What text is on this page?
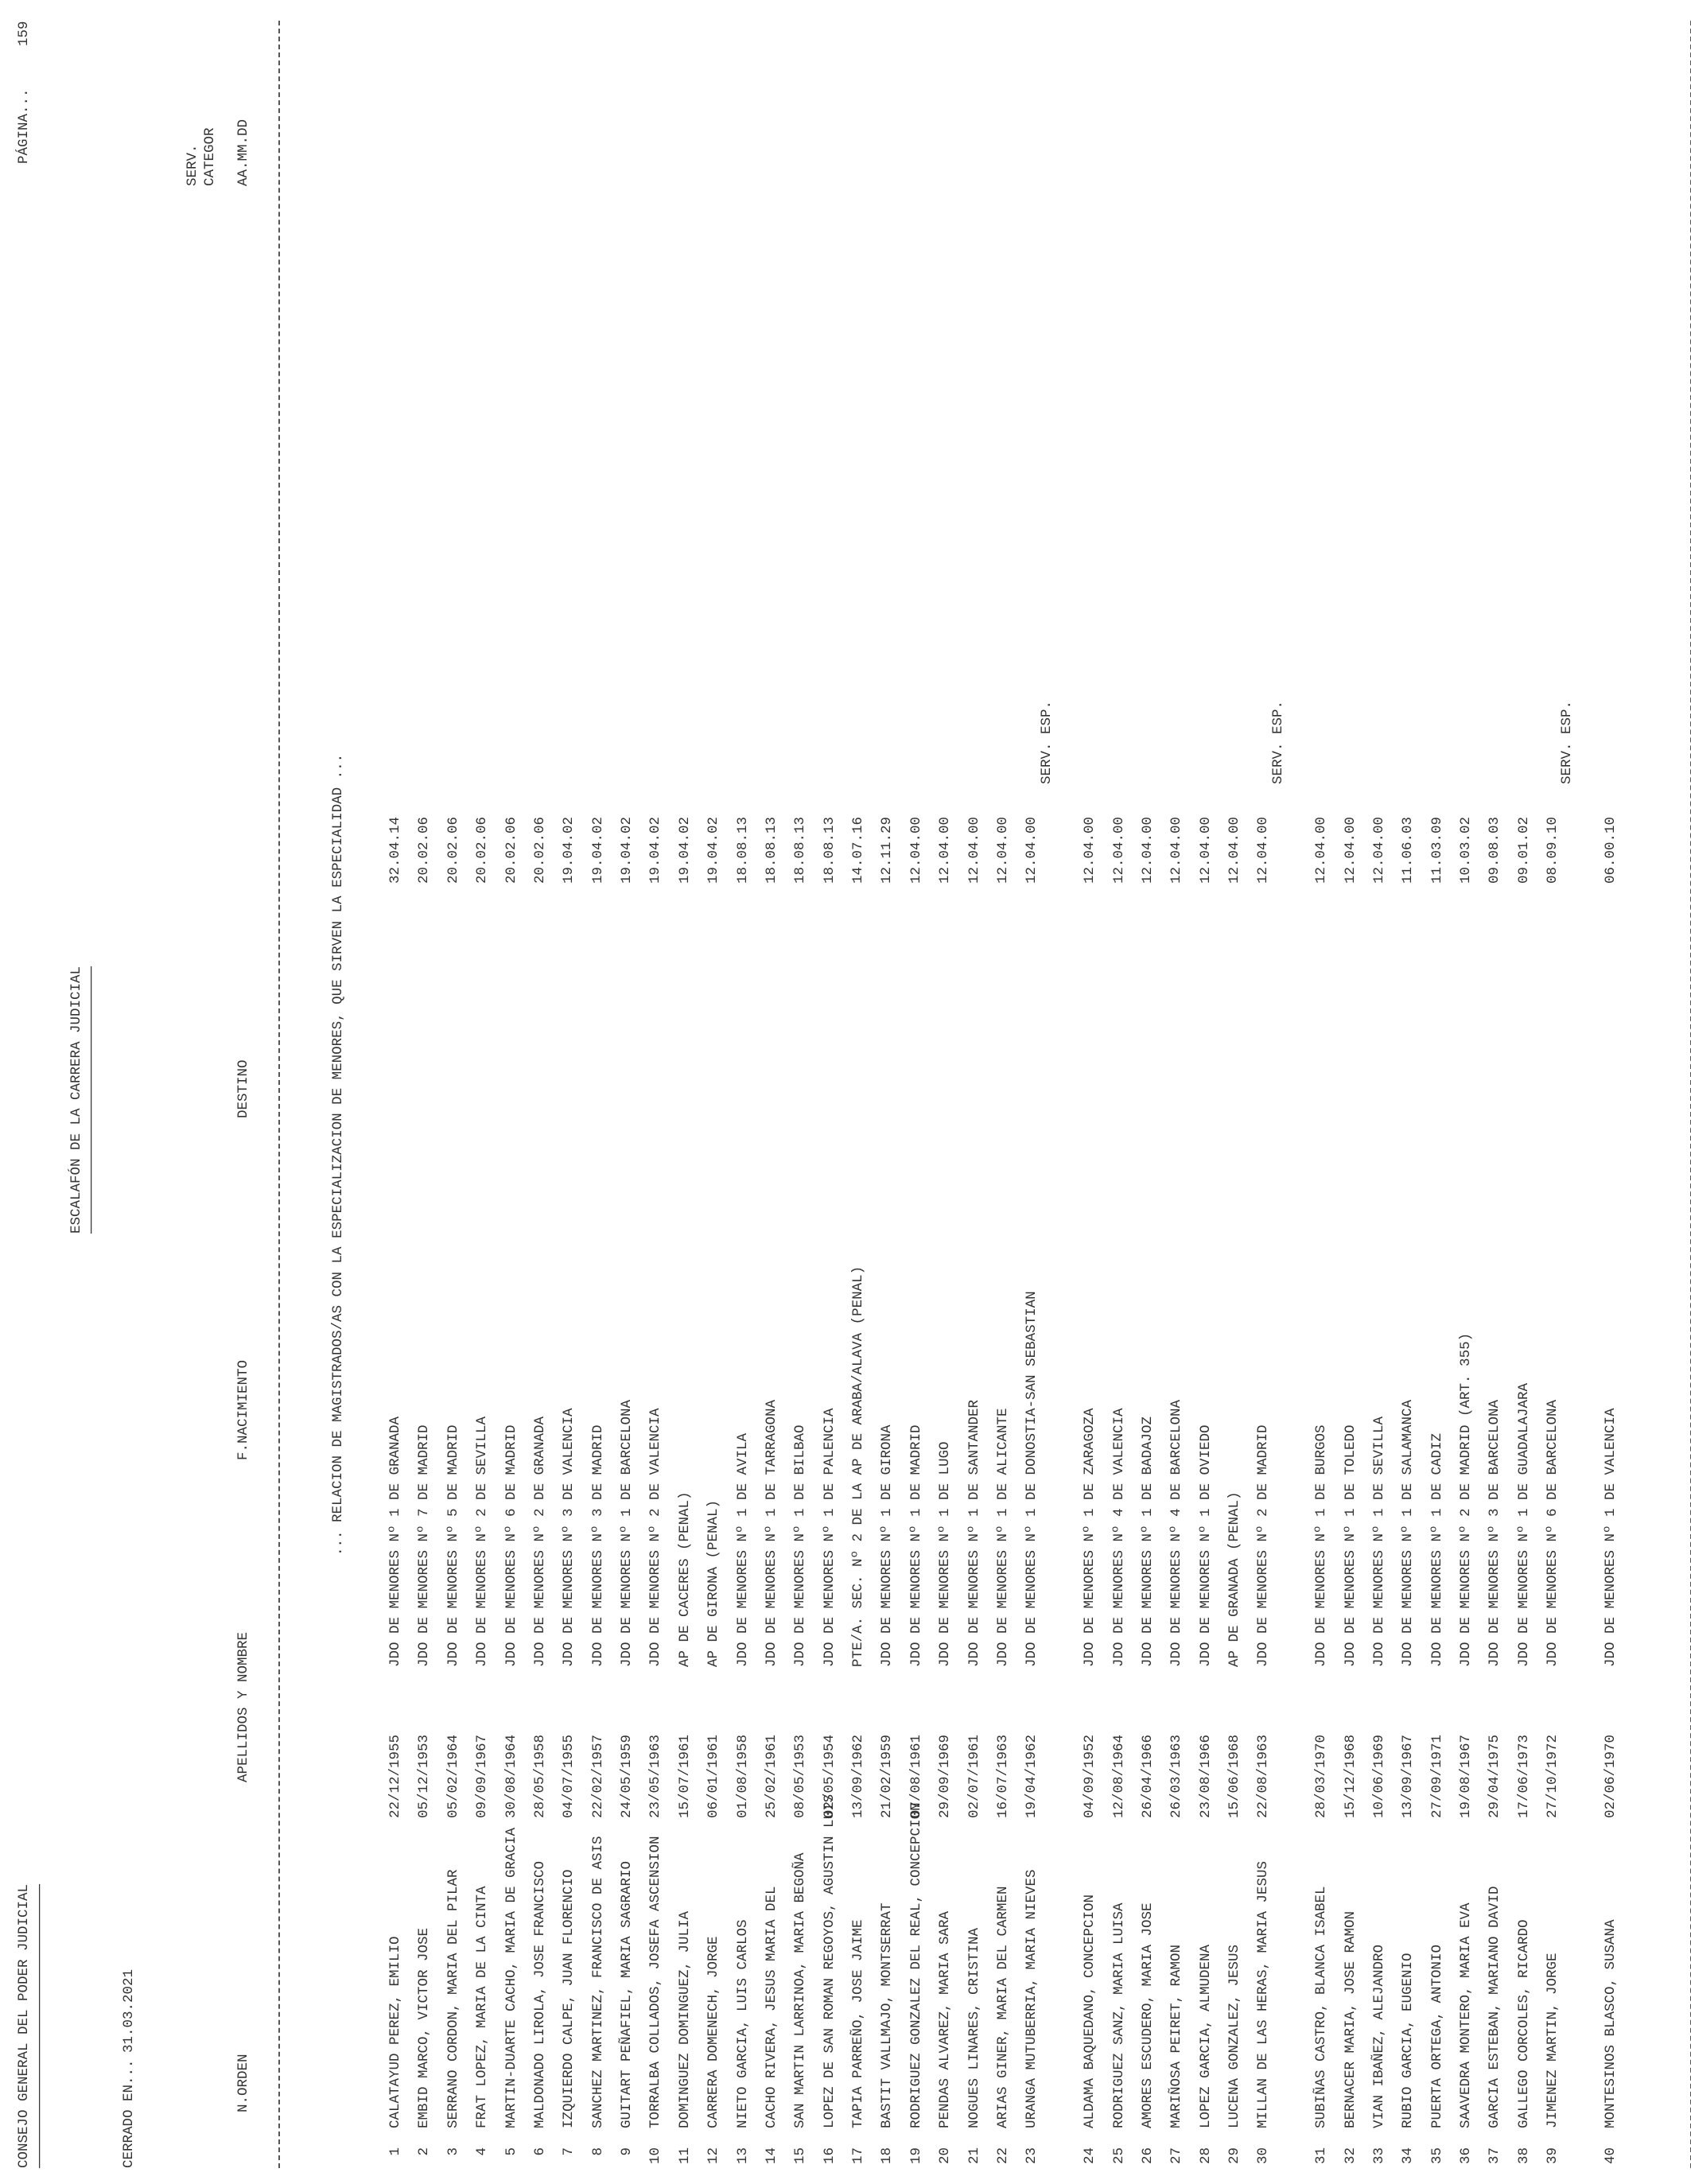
CONSEJO GENERAL DEL PODER JUDICIAL ──────────────────────────────────
PÁGINA...
159
ESCALAFÓN DE LA CARRERA JUDICIAL ────────────────────────────────
CERRADO EN...
31.03.2021
SERV. CATEGOR
N.ORDEN
APELLIDOS Y NOMBRE
F.NACIMIENTO
DESTINO
AA.MM.DD
... RELACION DE MAGISTRADOS/AS CON LA ESPECIALIZACION DE MENORES, QUE SIRVEN LA ESPECIALIDAD ...
1
CALATAYUD PEREZ, EMILIO
22/12/1955
JDO DE MENORES Nº 1 DE GRANADA
32.04.14
2
EMBID MARCO, VICTOR JOSE
05/12/1953
JDO DE MENORES Nº 7 DE MADRID
20.02.06
3
SERRANO CORDON, MARIA DEL PILAR
05/02/1964
JDO DE MENORES Nº 5 DE MADRID
20.02.06
4
FRAT LOPEZ, MARIA DE LA CINTA
09/09/1967
JDO DE MENORES Nº 2 DE SEVILLA
20.02.06
5
MARTIN-DUARTE CACHO, MARIA DE GRACIA
30/08/1964
JDO DE MENORES Nº 6 DE MADRID
20.02.06
6
MALDONADO LIROLA, JOSE FRANCISCO
28/05/1958
JDO DE MENORES Nº 2 DE GRANADA
20.02.06
7
IZQUIERDO CALPE, JUAN FLORENCIO
04/07/1955
JDO DE MENORES Nº 3 DE VALENCIA
19.04.02
8
SANCHEZ MARTINEZ, FRANCISCO DE ASIS
22/02/1957
JDO DE MENORES Nº 3 DE MADRID
19.04.02
9
GUITART PEÑAFIEL, MARIA SAGRARIO
24/05/1959
JDO DE MENORES Nº 1 DE BARCELONA
19.04.02
10
TORRALBA COLLADOS, JOSEFA ASCENSION
23/05/1963
JDO DE MENORES Nº 2 DE VALENCIA
19.04.02
11
DOMINGUEZ DOMINGUEZ, JULIA
15/07/1961
AP DE CACERES (PENAL)
19.04.02
12
CARRERA DOMENECH, JORGE
06/01/1961
AP DE GIRONA (PENAL)
19.04.02
13
NIETO GARCIA, LUIS CARLOS
01/08/1958
JDO DE MENORES Nº 1 DE AVILA
18.08.13
14
CACHO RIVERA, JESUS MARIA DEL
25/02/1961
JDO DE MENORES Nº 1 DE TARRAGONA
18.08.13
15
SAN MARTIN LARRINOA, MARIA BEGOÑA
08/05/1953
JDO DE MENORES Nº 1 DE BILBAO
18.08.13
16
LOPEZ DE SAN ROMAN REGOYOS, AGUSTIN LUIS
02/05/1954
JDO DE MENORES Nº 1 DE PALENCIA
18.08.13
17
TAPIA PARREÑO, JOSE JAIME
13/09/1962
PTE/A. SEC. Nº 2 DE LA AP DE ARABA/ALAVA (PENAL)
14.07.16
18
BASTIT VALLMAJO, MONTSERRAT
21/02/1959
JDO DE MENORES Nº 1 DE GIRONA
12.11.29
19
RODRIGUEZ GONZALEZ DEL REAL, CONCEPCION
07/08/1961
JDO DE MENORES Nº 1 DE MADRID
12.04.00
20
PENDAS ALVAREZ, MARIA SARA
29/09/1969
JDO DE MENORES Nº 1 DE LUGO
12.04.00
21
NOGUES LINARES, CRISTINA
02/07/1961
JDO DE MENORES Nº 1 DE SANTANDER
12.04.00
22
ARIAS GINER, MARIA DEL CARMEN
16/07/1963
JDO DE MENORES Nº 1 DE ALICANTE
12.04.00
23
URANGA MUTUBERRIA, MARIA NIEVES
19/04/1962
JDO DE MENORES Nº 1 DE DONOSTIA-SAN SEBASTIAN
12.04.00
SERV. ESP.
24
ALDAMA BAQUEDANO, CONCEPCION
04/09/1952
JDO DE MENORES Nº 1 DE ZARAGOZA
12.04.00
25
RODRIGUEZ SANZ, MARIA LUISA
12/08/1964
JDO DE MENORES Nº 4 DE VALENCIA
12.04.00
26
AMORES ESCUDERO, MARIA JOSE
26/04/1966
JDO DE MENORES Nº 1 DE BADAJOZ
12.04.00
27
MARIÑOSA PEIRET, RAMON
26/03/1963
JDO DE MENORES Nº 4 DE BARCELONA
12.04.00
28
LOPEZ GARCIA, ALMUDENA
23/08/1966
JDO DE MENORES Nº 1 DE OVIEDO
12.04.00
29
LUCENA GONZALEZ, JESUS
15/06/1968
AP DE GRANADA (PENAL)
12.04.00
30
MILLAN DE LAS HERAS, MARIA JESUS
22/08/1963
JDO DE MENORES Nº 2 DE MADRID
12.04.00
SERV. ESP.
31
SUBIÑAS CASTRO, BLANCA ISABEL
28/03/1970
JDO DE MENORES Nº 1 DE BURGOS
12.04.00
32
BERNACER MARIA, JOSE RAMON
15/12/1968
JDO DE MENORES Nº 1 DE TOLEDO
12.04.00
33
VIAN IBAÑEZ, ALEJANDRO
10/06/1969
JDO DE MENORES Nº 1 DE SEVILLA
12.04.00
34
RUBIO GARCIA, EUGENIO
13/09/1967
JDO DE MENORES Nº 1 DE SALAMANCA
11.06.03
35
PUERTA ORTEGA, ANTONIO
27/09/1971
JDO DE MENORES Nº 1 DE CADIZ
11.03.09
36
SAAVEDRA MONTERO, MARIA EVA
19/08/1967
JDO DE MENORES Nº 2 DE MADRID (ART. 355)
10.03.02
37
GARCIA ESTEBAN, MARIANO DAVID
29/04/1975
JDO DE MENORES Nº 3 DE BARCELONA
09.08.03
38
GALLEGO CORCOLES, RICARDO
17/06/1973
JDO DE MENORES Nº 1 DE GUADALAJARA
09.01.02
39
JIMENEZ MARTIN, JORGE
27/10/1972
JDO DE MENORES Nº 6 DE BARCELONA
08.09.10
SERV. ESP.
40
MONTESINOS BLASCO, SUSANA
02/06/1970
JDO DE MENORES Nº 1 DE VALENCIA
06.00.10
